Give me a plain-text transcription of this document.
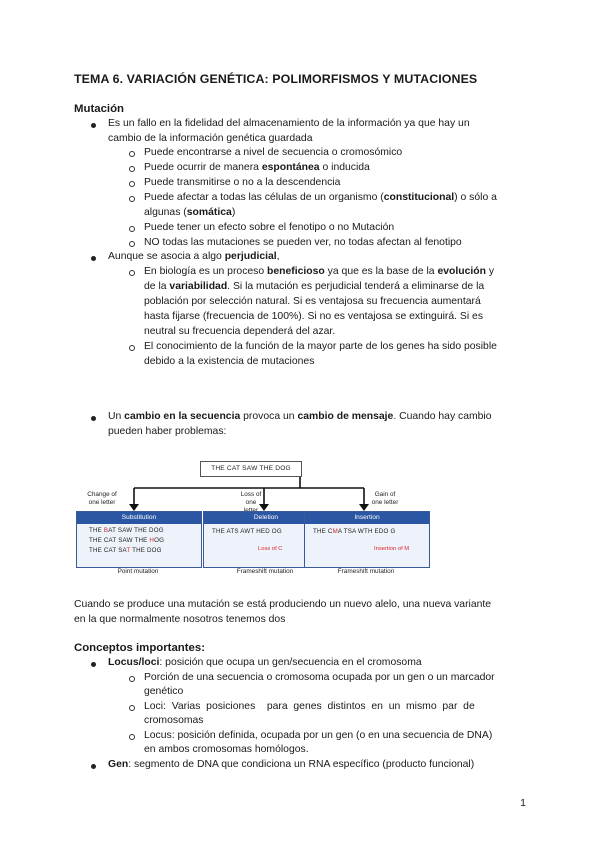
TEMA 6. VARIACIÓN GENÉTICA: POLIMORFISMOS Y MUTACIONES
Mutación
Es un fallo en la fidelidad del almacenamiento de la información ya que hay un
cambio de la información genética guardada
Puede encontrarse a nivel de secuencia o cromosómico
Puede ocurrir de manera espontánea o inducida
Puede transmitirse o no a la descendencia
Puede afectar a todas las células de un organismo (constitucional) o sólo a
algunas (somática)
Puede tener un efecto sobre el fenotipo o no Mutación
NO todas las mutaciones se pueden ver, no todas afectan al fenotipo
Aunque se asocia a algo perjudicial,
En biología es un proceso beneficioso ya que es la base de la evolución y
de la variabilidad. Si la mutación es perjudicial tenderá a eliminarse de la
población por selección natural. Si es ventajosa su frecuencia aumentará
hasta fijarse (frecuencia de 100%). Si no es ventajosa se extinguirá. Si es
neutral su frecuencia dependerá del azar.
El conocimiento de la función de la mayor parte de los genes ha sido posible
debido a la existencia de mutaciones
Un cambio en la secuencia provoca un cambio de mensaje. Cuando hay cambio
pueden haber problemas:
THE CAT SAW THE DOG
Change of
one letter
Loss of
one
Gain of
one letter
Substitution
THE BAT SAW THE DOG
THE CAT SAW THE HOG
THE CAT SAT THE DOG
Point mutation
Deletion
THE ATS AWT HED OG
Loss of C
Frameshift mutation
Insertion
THE CMA TSA WTH EDO G
Insertion of M
Frameshift mutation
Cuando se produce una mutación se está produciendo un nuevo alelo, una nueva variante
en la que normalmente nosotros tenemos dos
Conceptos importantes:
Locus/loci: posición que ocupa un gen/secuencia en el cromosoma
Porción de una secuencia o cromosoma ocupada por un gen o un marcador
genético
Loci:  Varias  posiciones    para  genes  distintos  en  un  mismo  par  de
cromosomas
Locus: posición definida, ocupada por un gen (o en una secuencia de DNA)
en ambos cromosomas homólogos.
Gen: segmento de DNA que condiciona un RNA específico (producto funcional)
1
